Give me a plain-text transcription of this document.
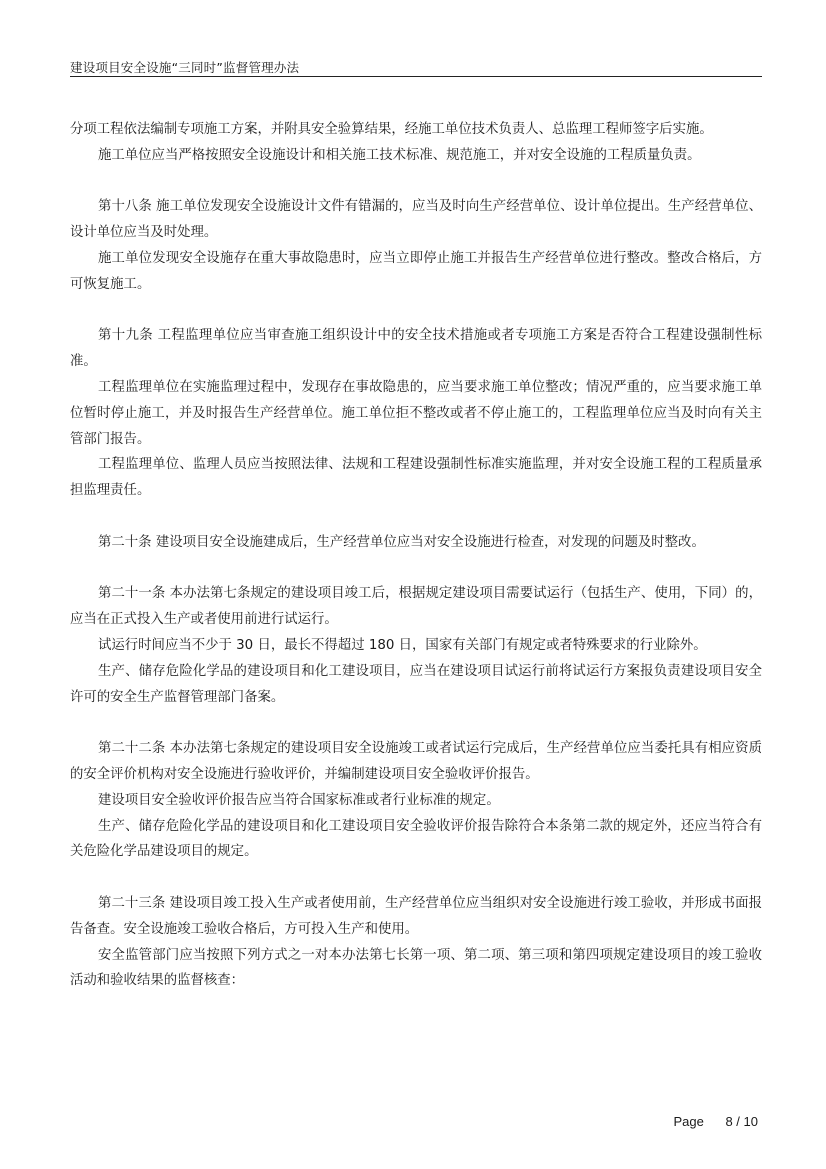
建设项目安全设施“三同时”监督管理办法
分项工程依法编制专项施工方案，并附具安全验算结果，经施工单位技术负责人、总监理工程师签字后实施。
施工单位应当严格按照安全设施设计和相关施工技术标准、规范施工，并对安全设施的工程质量负责。
第十八条 施工单位发现安全设施设计文件有错漏的，应当及时向生产经营单位、设计单位提出。生产经营单位、设计单位应当及时处理。
施工单位发现安全设施存在重大事故隐患时，应当立即停止施工并报告生产经营单位进行整改。整改合格后，方可恢复施工。
第十九条 工程监理单位应当审查施工组织设计中的安全技术措施或者专项施工方案是否符合工程建设强制性标准。
工程监理单位在实施监理过程中，发现存在事故隐患的，应当要求施工单位整改；情况严重的，应当要求施工单位暂时停止施工，并及时报告生产经营单位。施工单位拒不整改或者不停止施工的，工程监理单位应当及时向有关主管部门报告。
工程监理单位、监理人员应当按照法律、法规和工程建设强制性标准实施监理，并对安全设施工程的工程质量承担监理责任。
第二十条 建设项目安全设施建成后，生产经营单位应当对安全设施进行检查，对发现的问题及时整改。
第二十一条 本办法第七条规定的建设项目竣工后，根据规定建设项目需要试运行（包括生产、使用，下同）的，应当在正式投入生产或者使用前进行试运行。
试运行时间应当不少于 30 日，最长不得超过 180 日，国家有关部门有规定或者特殊要求的行业除外。
生产、储存危险化学品的建设项目和化工建设项目，应当在建设项目试运行前将试运行方案报负责建设项目安全许可的安全生产监督管理部门备案。
第二十二条 本办法第七条规定的建设项目安全设施竣工或者试运行完成后，生产经营单位应当委托具有相应资质的安全评价机构对安全设施进行验收评价，并编制建设项目安全验收评价报告。
建设项目安全验收评价报告应当符合国家标准或者行业标准的规定。
生产、储存危险化学品的建设项目和化工建设项目安全验收评价报告除符合本条第二款的规定外，还应当符合有关危险化学品建设项目的规定。
第二十三条 建设项目竣工投入生产或者使用前，生产经营单位应当组织对安全设施进行竣工验收，并形成书面报告备查。安全设施竣工验收合格后，方可投入生产和使用。
安全监管部门应当按照下列方式之一对本办法第七长第一项、第二项、第三项和第四项规定建设项目的竣工验收活动和验收结果的监督核查：
Page 8 / 10
